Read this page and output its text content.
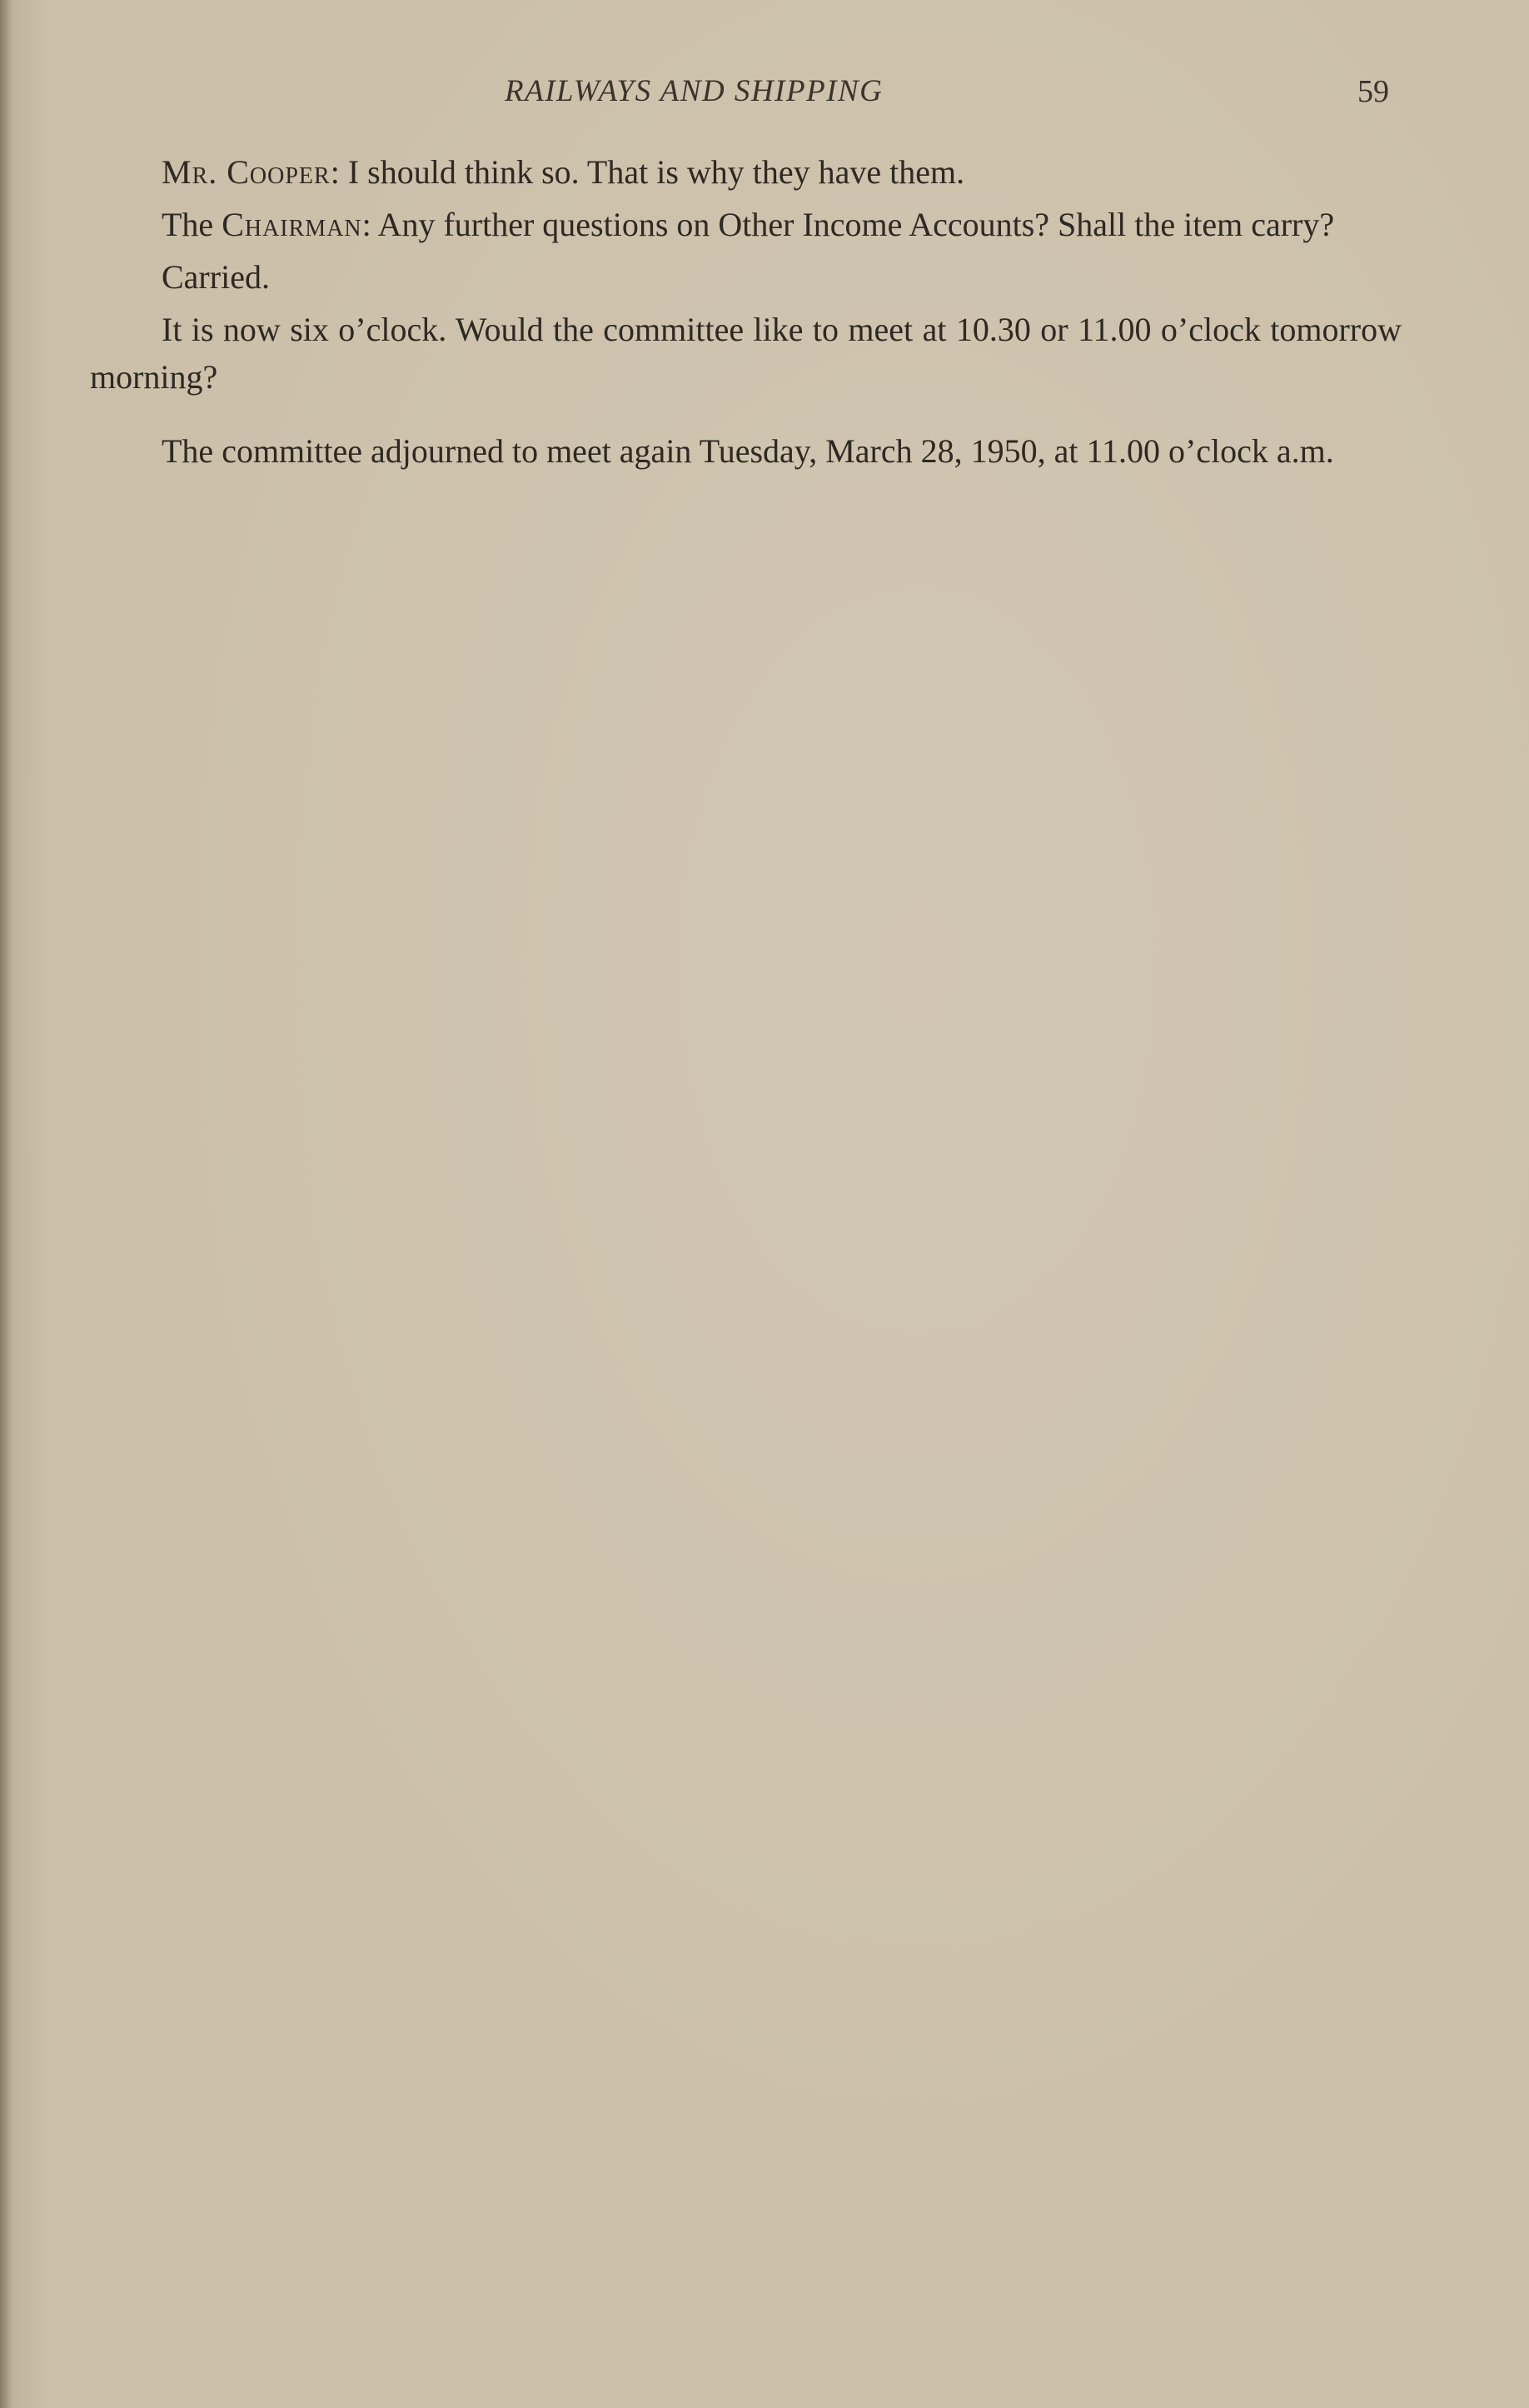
RAILWAYS AND SHIPPING	59

Mr. Cooper: I should think so. That is why they have them.

The Chairman: Any further questions on Other Income Accounts? Shall the item carry?

Carried.

It is now six o’clock. Would the committee like to meet at 10.30 or 11.00 o’clock tomorrow morning?

The committee adjourned to meet again Tuesday, March 28, 1950, at 11.00 o’clock a.m.
